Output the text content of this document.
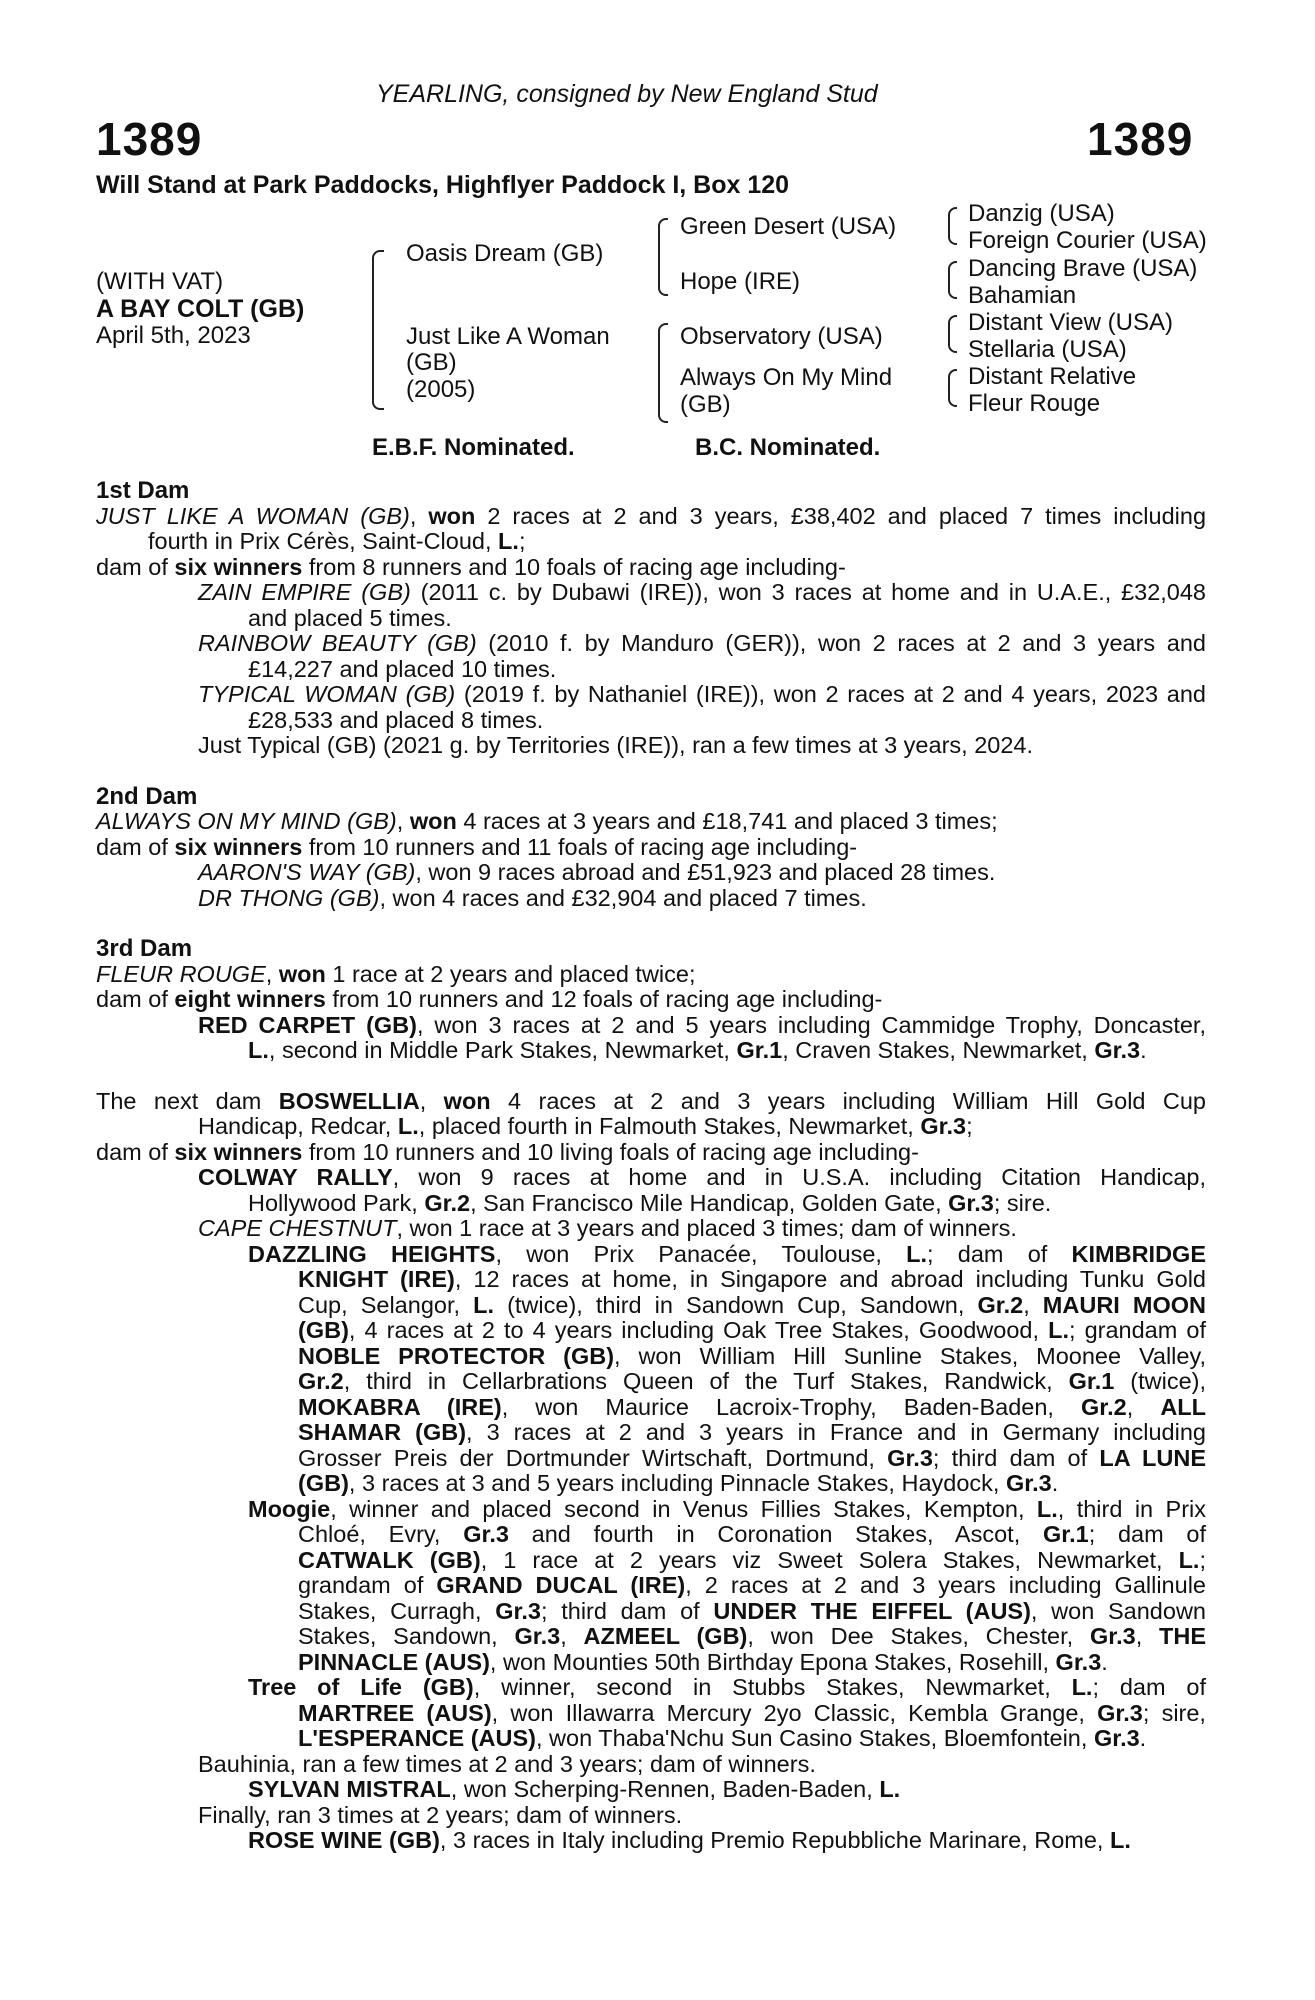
YEARLING, consigned by New England Stud
1389	1389
Will Stand at Park Paddocks, Highflyer Paddock I, Box 120
(WITH VAT)
A BAY COLT (GB)
April 5th, 2023
Oasis Dream (GB)
Just Like A Woman
(GB)
(2005)
Green Desert (USA)
Hope (IRE)
Observatory (USA)
Always On My Mind
(GB)
Danzig (USA)
Foreign Courier (USA)
Dancing Brave (USA)
Bahamian
Distant View (USA)
Stellaria (USA)
Distant Relative
Fleur Rouge
E.B.F. Nominated.	B.C. Nominated.
1st Dam
JUST LIKE A WOMAN (GB), won 2 races at 2 and 3 years, £38,402 and placed 7 times including
fourth in Prix Cérès, Saint-Cloud, L.;
dam of six winners from 8 runners and 10 foals of racing age including-
ZAIN EMPIRE (GB) (2011 c. by Dubawi (IRE)), won 3 races at home and in U.A.E., £32,048
and placed 5 times.
RAINBOW BEAUTY (GB) (2010 f. by Manduro (GER)), won 2 races at 2 and 3 years and
£14,227 and placed 10 times.
TYPICAL WOMAN (GB) (2019 f. by Nathaniel (IRE)), won 2 races at 2 and 4 years, 2023 and
£28,533 and placed 8 times.
Just Typical (GB) (2021 g. by Territories (IRE)), ran a few times at 3 years, 2024.
2nd Dam
ALWAYS ON MY MIND (GB), won 4 races at 3 years and £18,741 and placed 3 times;
dam of six winners from 10 runners and 11 foals of racing age including-
AARON'S WAY (GB), won 9 races abroad and £51,923 and placed 28 times.
DR THONG (GB), won 4 races and £32,904 and placed 7 times.
3rd Dam
FLEUR ROUGE, won 1 race at 2 years and placed twice;
dam of eight winners from 10 runners and 12 foals of racing age including-
RED CARPET (GB), won 3 races at 2 and 5 years including Cammidge Trophy, Doncaster,
L., second in Middle Park Stakes, Newmarket, Gr.1, Craven Stakes, Newmarket, Gr.3.
The next dam BOSWELLIA, won 4 races at 2 and 3 years including William Hill Gold Cup
Handicap, Redcar, L., placed fourth in Falmouth Stakes, Newmarket, Gr.3;
dam of six winners from 10 runners and 10 living foals of racing age including-
COLWAY RALLY, won 9 races at home and in U.S.A. including Citation Handicap,
Hollywood Park, Gr.2, San Francisco Mile Handicap, Golden Gate, Gr.3; sire.
CAPE CHESTNUT, won 1 race at 3 years and placed 3 times; dam of winners.
DAZZLING HEIGHTS, won Prix Panacée, Toulouse, L.; dam of KIMBRIDGE
KNIGHT (IRE), 12 races at home, in Singapore and abroad including Tunku Gold
Cup, Selangor, L. (twice), third in Sandown Cup, Sandown, Gr.2, MAURI MOON
(GB), 4 races at 2 to 4 years including Oak Tree Stakes, Goodwood, L.; grandam of
NOBLE PROTECTOR (GB), won William Hill Sunline Stakes, Moonee Valley,
Gr.2, third in Cellarbrations Queen of the Turf Stakes, Randwick, Gr.1 (twice),
MOKABRA (IRE), won Maurice Lacroix-Trophy, Baden-Baden, Gr.2, ALL
SHAMAR (GB), 3 races at 2 and 3 years in France and in Germany including
Grosser Preis der Dortmunder Wirtschaft, Dortmund, Gr.3; third dam of LA LUNE
(GB), 3 races at 3 and 5 years including Pinnacle Stakes, Haydock, Gr.3.
Moogie, winner and placed second in Venus Fillies Stakes, Kempton, L., third in Prix
Chloé, Evry, Gr.3 and fourth in Coronation Stakes, Ascot, Gr.1; dam of
CATWALK (GB), 1 race at 2 years viz Sweet Solera Stakes, Newmarket, L.;
grandam of GRAND DUCAL (IRE), 2 races at 2 and 3 years including Gallinule
Stakes, Curragh, Gr.3; third dam of UNDER THE EIFFEL (AUS), won Sandown
Stakes, Sandown, Gr.3, AZMEEL (GB), won Dee Stakes, Chester, Gr.3, THE
PINNACLE (AUS), won Mounties 50th Birthday Epona Stakes, Rosehill, Gr.3.
Tree of Life (GB), winner, second in Stubbs Stakes, Newmarket, L.; dam of
MARTREE (AUS), won Illawarra Mercury 2yo Classic, Kembla Grange, Gr.3; sire,
L'ESPERANCE (AUS), won Thaba'Nchu Sun Casino Stakes, Bloemfontein, Gr.3.
Bauhinia, ran a few times at 2 and 3 years; dam of winners.
SYLVAN MISTRAL, won Scherping-Rennen, Baden-Baden, L.
Finally, ran 3 times at 2 years; dam of winners.
ROSE WINE (GB), 3 races in Italy including Premio Repubbliche Marinare, Rome, L.
